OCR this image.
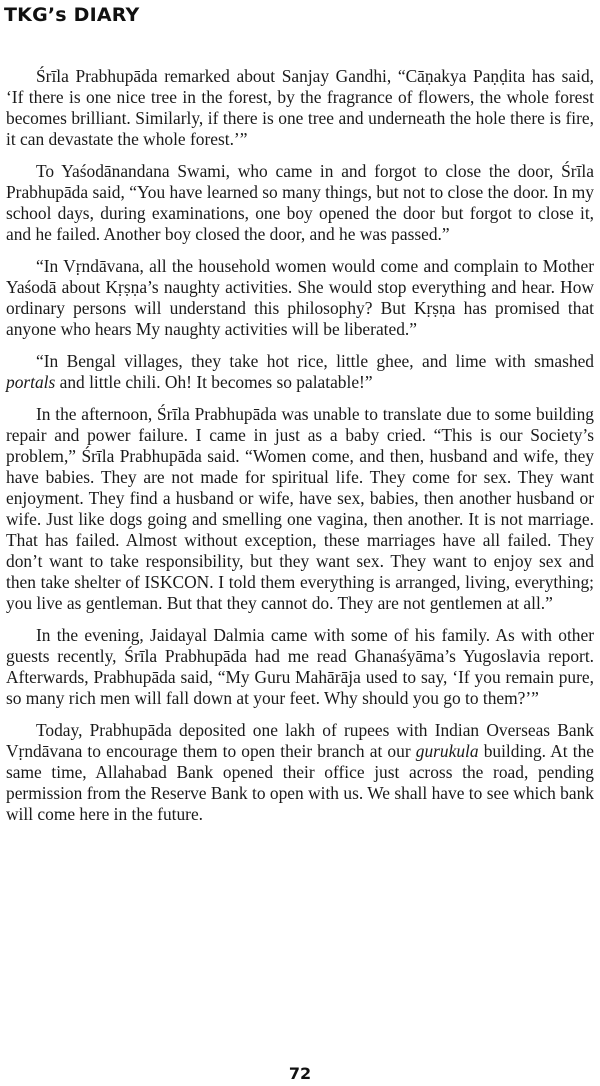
TKG’s DIARY

Śrīla Prabhupāda remarked about Sanjay Gandhi, “Cāṇakya Paṇḍita has said, ‘If there is one nice tree in the forest, by the fragrance of flowers, the whole forest becomes brilliant. Similarly, if there is one tree and underneath the hole there is fire, it can devastate the whole forest.’”

To Yaśodānandana Swami, who came in and forgot to close the door, Śrīla Prabhupāda said, “You have learned so many things, but not to close the door. In my school days, during examinations, one boy opened the door but forgot to close it, and he failed. Another boy closed the door, and he was passed.”

“In Vṛndāvana, all the household women would come and complain to Mother Yaśodā about Kṛṣṇa’s naughty activities. She would stop everything and hear. How ordinary persons will understand this philosophy? But Kṛṣṇa has promised that anyone who hears My naughty activities will be liberated.”

“In Bengal villages, they take hot rice, little ghee, and lime with smashed portals and little chili. Oh! It becomes so palatable!”

In the afternoon, Śrīla Prabhupāda was unable to translate due to some building repair and power failure. I came in just as a baby cried. “This is our Society’s problem,” Śrīla Prabhupāda said. “Women come, and then, husband and wife, they have babies. They are not made for spiritual life. They come for sex. They want enjoyment. They find a husband or wife, have sex, babies, then another husband or wife. Just like dogs going and smelling one vagina, then another. It is not marriage. That has failed. Almost without exception, these marriages have all failed. They don’t want to take responsibility, but they want sex. They want to enjoy sex and then take shelter of ISKCON. I told them everything is arranged, living, everything; you live as gentleman. But that they cannot do. They are not gentlemen at all.”

In the evening, Jaidayal Dalmia came with some of his family. As with other guests recently, Śrīla Prabhupāda had me read Ghanaśyāma’s Yugoslavia report. Afterwards, Prabhupāda said, “My Guru Mahārāja used to say, ‘If you remain pure, so many rich men will fall down at your feet. Why should you go to them?’”

Today, Prabhupāda deposited one lakh of rupees with Indian Overseas Bank Vṛndāvana to encourage them to open their branch at our gurukula building. At the same time, Allahabad Bank opened their office just across the road, pending permission from the Reserve Bank to open with us. We shall have to see which bank will come here in the future.

72
